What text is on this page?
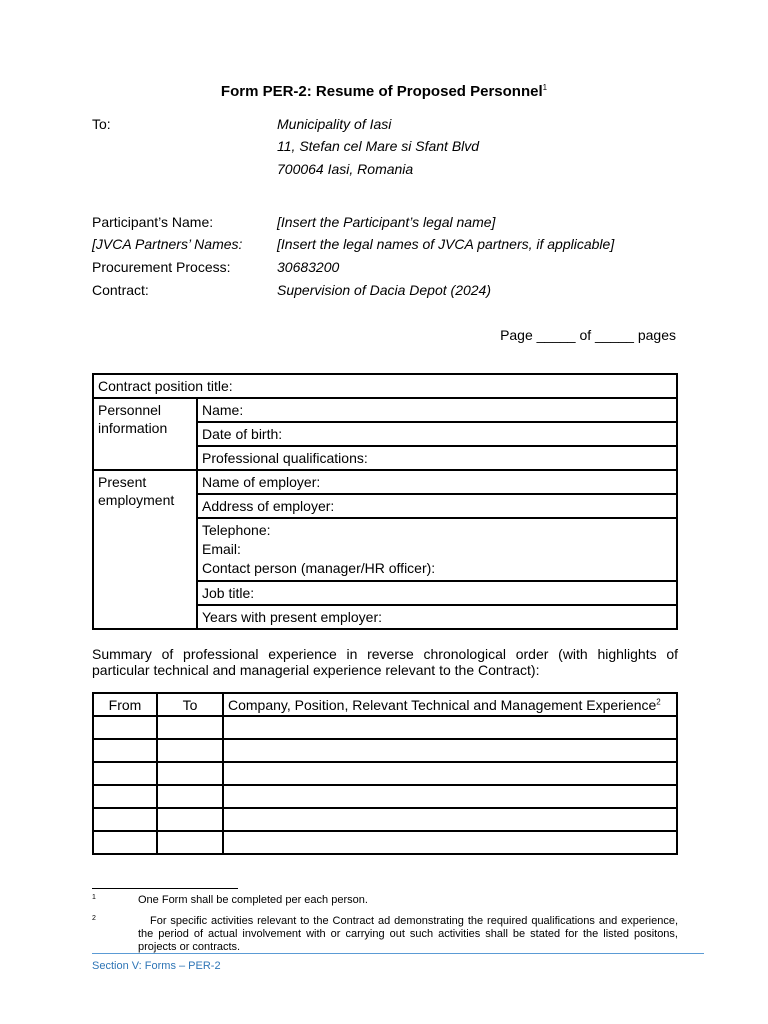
Form PER-2: Resume of Proposed Personnel$^1$
To:	Municipality of Iasi
11, Stefan cel Mare si Sfant Blvd
700064 Iasi, Romania
Participant’s Name:	[Insert the Participant’s legal name]
[JVCA Partners’ Names: [Insert the legal names of JVCA partners, if applicable]
Procurement Process:	30683200
Contract:	Supervision of Dacia Depot (2024)
Page _____ of _____ pages
Contract position title:	
Personnel information	Name:
	Date of birth:
	Professional qualifications:
Present employment	Name of employer:
	Address of employer:

	Telephone:
Email:
Contact person (manager/HR officer):

	Job title:
	Years with present employer:
Summary of professional experience in reverse chronological order (with highlights of particular technical and managerial experience relevant to the Contract):
From	To	Company, Position, Relevant Technical and Management Experience$^2$

1	One Form shall be completed per each person.
2	For specific activities relevant to the Contract ad demonstrating the required qualifications and experience, the period of actual involvement with or carrying out such activities shall be stated for the listed positons, projects or contracts.
Section V: Forms – PER-2
